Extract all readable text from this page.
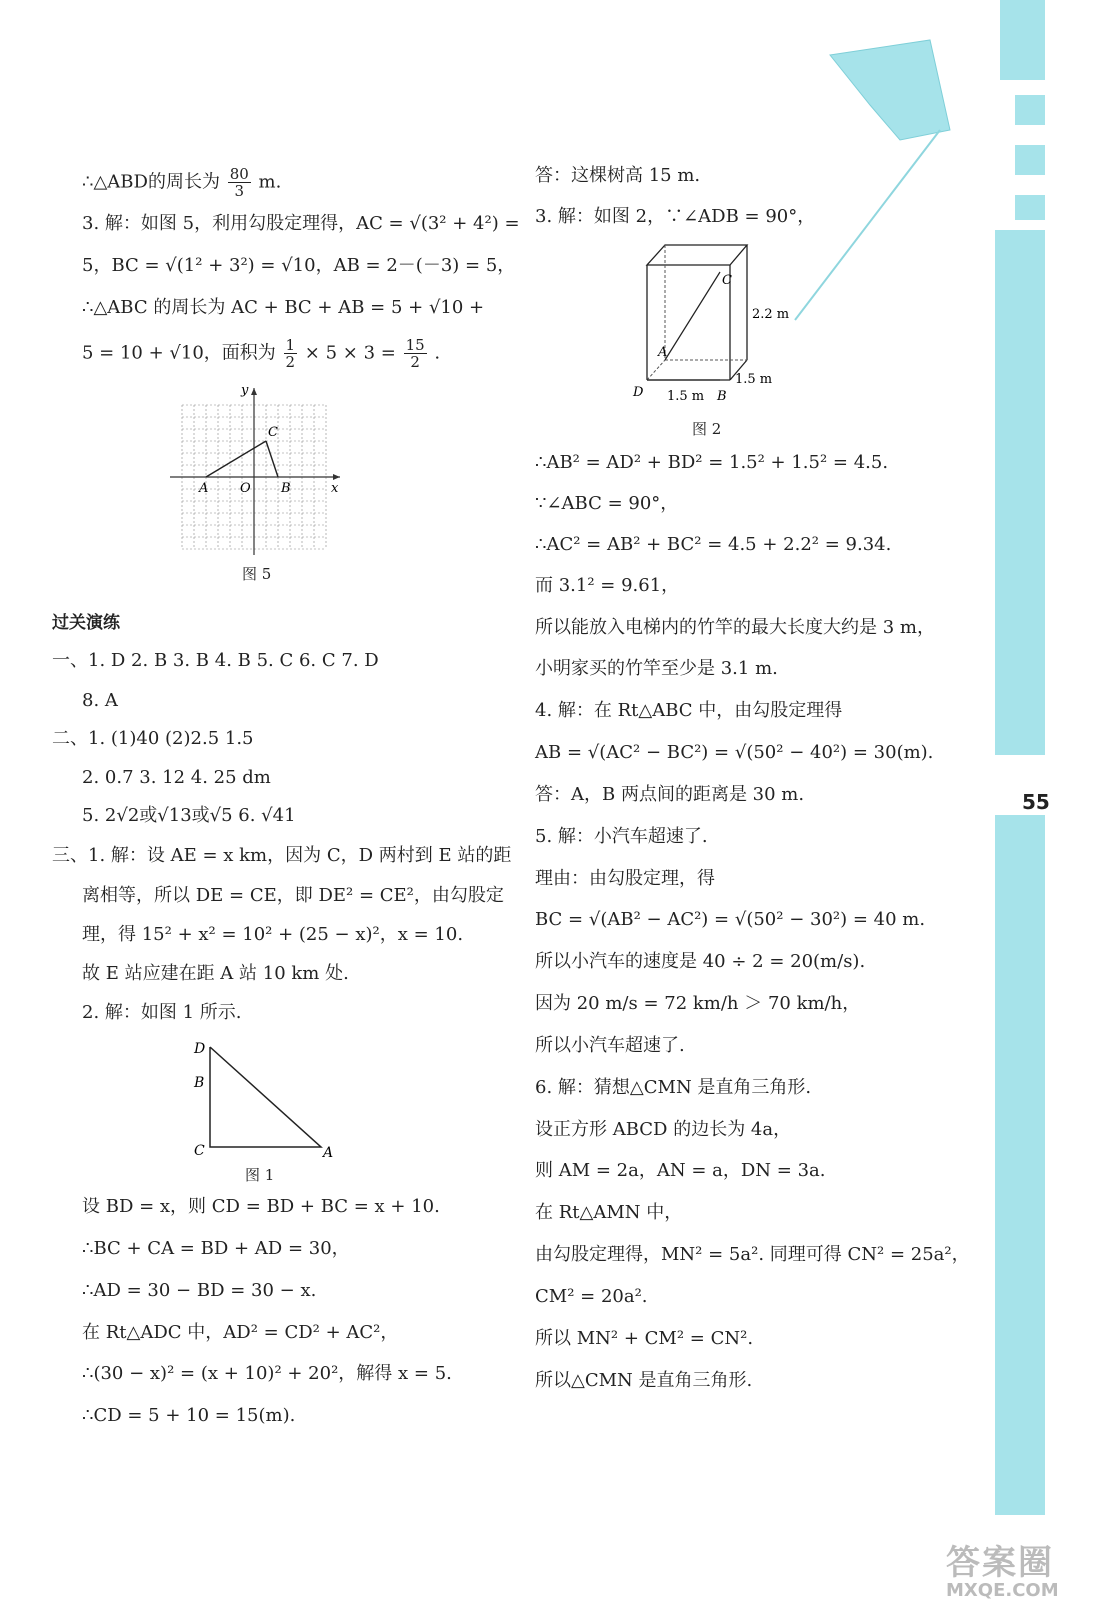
∴△ABD的周长为 $\frac{80}{3} m$.
3. 解：如图 5，利用勾股定理得，AC = √(3² + 4²) =
5，BC = √(1² + 3²) = √10，AB = 2－(－3) = 5，
∴△ABC 的周长为 AC + BC + AB = 5 + √10 +
5 = 10 + √10，面积为 $\frac{1}{2} \times 5 \times 3 = \frac{15}{2}$ .
y
x
C
A O B
图 5
过关演练
一、1. D 2. B 3. B 4. B 5. C 6. C 7. D
8. A
二、1. (1)40 (2)2.5 1.5
2. 0.7 3. 12 4. 25 dm
5. 2√2或√13或√5 6. √41
三、1. 解：设 AE = x km，因为 C，D 两村到 E 站的距
离相等，所以 DE = CE，即 DE² = CE²，由勾股定
理，得 15² + x² = 10² + (25 − x)²，x = 10.
故 E 站应建在距 A 站 10 km 处.
2. 解：如图 1 所示.
D
B
C	A
图 1
设 BD = x，则 CD = BD + BC = x + 10.
∴BC + CA = BD + AD = 30，
∴AD = 30 − BD = 30 − x.
在 Rt△ADC 中，AD² = CD² + AC²，
∴(30 − x)² = (x + 10)² + 20²，解得 x = 5.
∴CD = 5 + 10 = 15(m).
答：这棵树高 15 m.
3. 解：如图 2，∵∠ADB = 90°，
C
A
D	B
2.2 m
1.5 m
1.5 m
图 2
∴AB² = AD² + BD² = 1.5² + 1.5² = 4.5.
∵∠ABC = 90°，
∴AC² = AB² + BC² = 4.5 + 2.2² = 9.34.
而 3.1² = 9.61，
所以能放入电梯内的竹竿的最大长度大约是 3 m，
小明家买的竹竿至少是 3.1 m.
4. 解：在 Rt△ABC 中，由勾股定理得
AB = √(AC² − BC²) = √(50² − 40²) = 30(m).
答：A，B 两点间的距离是 30 m.
5. 解：小汽车超速了.
理由：由勾股定理，得
BC = √(AB² − AC²) = √(50² − 30²) = 40 m.
所以小汽车的速度是 40 ÷ 2 = 20(m/s).
因为 20 m/s = 72 km/h ＞ 70 km/h，
所以小汽车超速了.
6. 解：猜想△CMN 是直角三角形.
设正方形 ABCD 的边长为 4a，
则 AM = 2a，AN = a，DN = 3a.
在 Rt△AMN 中，
由勾股定理得，MN² = 5a². 同理可得 CN² = 25a²，
CM² = 20a².
所以 MN² + CM² = CN².
所以△CMN 是直角三角形.
55
答案圈
MXQE.COM
